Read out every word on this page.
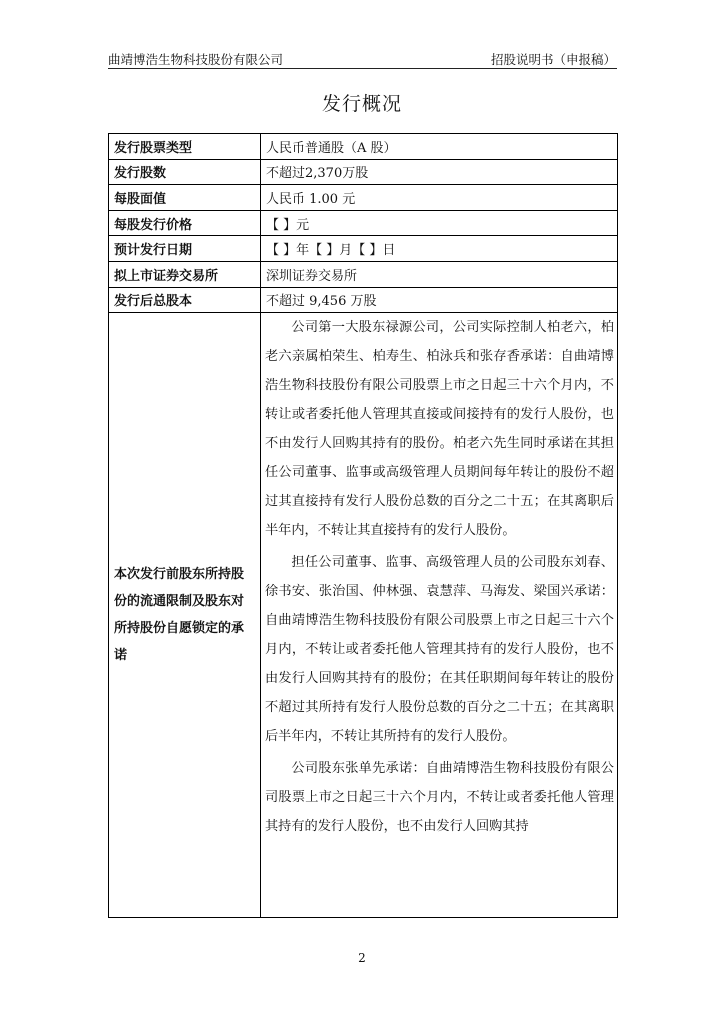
曲靖博浩生物科技股份有限公司	招股说明书（申报稿）
发行概况
发行股票类型	人民币普通股（A 股）
发行股数	不超过2,370万股
每股面值	人民币 1.00 元
每股发行价格	【 】元
预计发行日期	【 】年【 】月【 】日
拟上市证券交易所	深圳证券交易所
发行后总股本	不超过 9,456 万股
本次发行前股东所持股份的流通限制及股东对所持股份自愿锁定的承诺	公司第一大股东禄源公司，公司实际控制人柏老六，柏老六亲属柏荣生、柏寿生、柏泳兵和张存香承诺：自曲靖博浩生物科技股份有限公司股票上市之日起三十六个月内，不转让或者委托他人管理其直接或间接持有的发行人股份，也不由发行人回购其持有的股份。柏老六先生同时承诺在其担任公司董事、监事或高级管理人员期间每年转让的股份不超过其直接持有发行人股份总数的百分之二十五；在其离职后半年内，不转让其直接持有的发行人股份。

担任公司董事、监事、高级管理人员的公司股东刘春、徐书安、张治国、仲林强、袁慧萍、马海发、梁国兴承诺：自曲靖博浩生物科技股份有限公司股票上市之日起三十六个月内，不转让或者委托他人管理其持有的发行人股份，也不由发行人回购其持有的股份；在其任职期间每年转让的股份不超过其所持有发行人股份总数的百分之二十五；在其离职后半年内，不转让其所持有的发行人股份。

公司股东张单先承诺：自曲靖博浩生物科技股份有限公司股票上市之日起三十六个月内，不转让或者委托他人管理其持有的发行人股份，也不由发行人回购其持

2
